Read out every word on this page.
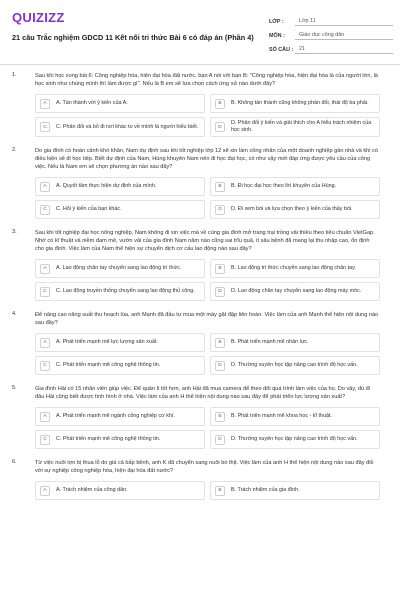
QUIZIZZ
21 câu Trắc nghiệm GDCD 11 Kết nối tri thức Bài 6 có đáp án (Phần 4)
LỚP :	Lớp 11
MÔN :	Giáo dục công dân
SỐ CÂU :	21
1.	Sau khi học xong bài 6: Công nghiệp hóa, hiện đại hóa đất nước, bạn A nói với bạn B: "Công nghiệp hóa, hiện đại hóa là của người lớn, là học sinh như chúng mình thì làm được gì". Nếu là B em sẽ lựa chọn cách ứng xử nào dưới đây?
A	A. Tán thành với ý kiến của A.	B	B. Không tán thành cũng không phản đối, thái độ ba phải.
C	C. Phản đối và bỏ đi nơi khác to về mình là người hiểu biết.	D
D. Phản đối ý kiến và giải thích cho A hiểu trách nhiệm của học sinh.
2.	Do gia đình có hoàn cảnh khó khăn, Nam dự định sau khi tốt nghiệp lớp 12 sẽ xin làm công nhân của một doanh nghiệp gần nhà và khi có điều kiện sẽ đi học tiếp. Biết dự định của Nam, Hùng khuyên Nam nên đi học đại học, có như vậy mới đáp ứng được yêu cầu của công việc. Nếu là Nam em sẽ chọn phương án nào sau đây?
A	A. Quyết tâm thực hiện dự định của mình.	B	B. Đi học đại học theo lời khuyên của Hùng.
C	C. Hỏi ý kiến của bạn khác.	D	D. Đi xem bói và lựa chọn theo ý kiến của thầy bói.
3.	Sau khi tốt nghiệp đại học nông nghiệp, Nam không đi xin việc mà về cùng gia đình mở trang trại trồng vải thiều theo tiêu chuẩn VietGap. Nhờ có kĩ thuật và niềm đam mê, vườn vải của gia đình Nam năm nào cũng sai trĩu quả, ít sâu bệnh đã mang lại thu nhập cao, ổn định cho gia đình. Việc làm của Nam thể hiện sự chuyển dịch cơ cấu lao động nào sau đây?
A	A. Lao động chân tay chuyển sang lao động trí thức.	B	B. Lao động trí thức chuyển sang lao động chân tay.
C	C. Lao động truyền thống chuyển sang lao động thủ công.	D	D. Lao động chân tay chuyển sang lao động máy móc.
4.	Để nâng cao năng suất thu hoạch lúa, anh Mạnh đã đầu tư mua một máy gặt đập liên hoàn. Việc làm của anh Mạnh thể hiện nội dung nào sau đây?
A	A. Phát triển mạnh mẽ lực lượng sản xuất.	B	B. Phát triển mạnh mẽ nhân lực.
C	C. Phát triển mạnh mẽ công nghệ thông tin.	D	D. Thường xuyên học tập nâng cao trình độ học vấn.
5.	Gia đình Hải có 15 nhân viên giúp việc. Để quản lí tốt hơn, anh Hải đã mua camera để theo dõi quá trình làm việc của họ. Do vậy, dù đi đâu Hải cũng biết được tình hình ở nhà. Việc làm của anh H thể hiện nội dung nào sau đây để phát triển lực lượng sản xuất?
A	A. Phát triển mạnh mẽ ngành công nghiệp cơ khí.	B	B. Phát triển mạnh mẽ khoa học - kĩ thuật.
C	C. Phát triển mạnh mẽ công nghệ thông tin.	D	D. Thường xuyên học tập nâng cao trình độ học vấn.
6.	Từ việc nuôi lợn bị thua lỗ do giá cả bấp bênh, anh K đã chuyển sang nuôi bò thịt. Việc làm của anh H thể hiện nội dung nào sau đây đối với sự nghiệp công nghiệp hóa, hiện đại hóa đất nước?
A	A. Trách nhiệm của công dân.	B	B. Trách nhiệm của gia đình.
